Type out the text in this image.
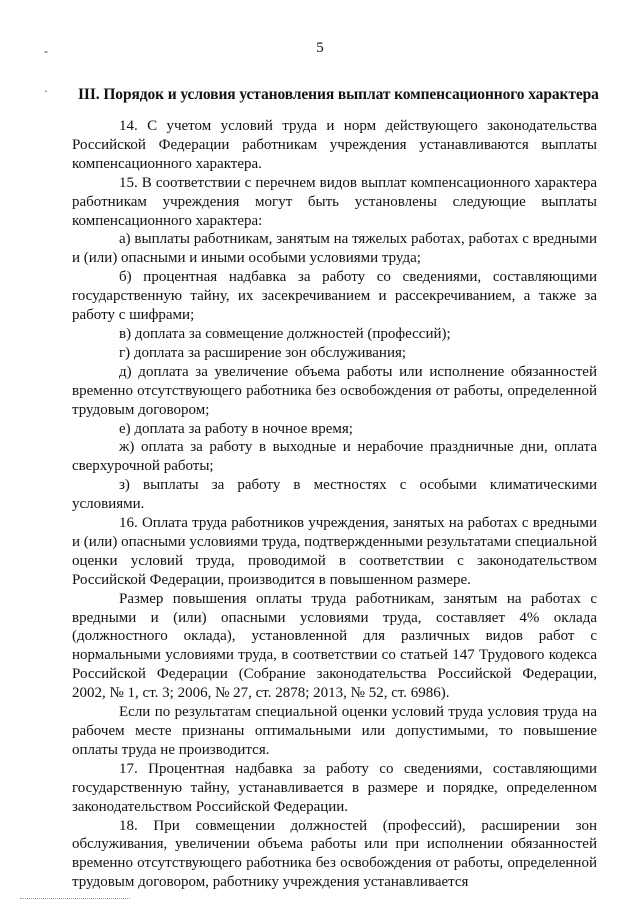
5
-
· III. Порядок и условия установления выплат компенсационного характера

14. С учетом условий труда и норм действующего законодательства Российской Федерации работникам учреждения устанавливаются выплаты компенсационного характера.

15. В соответствии с перечнем видов выплат компенсационного характера работникам учреждения могут быть установлены следующие выплаты компенсационного характера:

а) выплаты работникам, занятым на тяжелых работах, работах с вредными и (или) опасными и иными особыми условиями труда;

б) процентная надбавка за работу со сведениями, составляющими государственную тайну, их засекречиванием и рассекречиванием, а также за работу с шифрами;

в) доплата за совмещение должностей (профессий);

г) доплата за расширение зон обслуживания;

д) доплата за увеличение объема работы или исполнение обязанностей временно отсутствующего работника без освобождения от работы, определенной трудовым договором;

е) доплата за работу в ночное время;

ж) оплата за работу в выходные и нерабочие праздничные дни, оплата сверхурочной работы;

з) выплаты за работу в местностях с особыми климатическими условиями.

16. Оплата труда работников учреждения, занятых на работах с вредными и (или) опасными условиями труда, подтвержденными результатами специальной оценки условий труда, проводимой в соответствии с законодательством Российской Федерации, производится в повышенном размере.

Размер повышения оплаты труда работникам, занятым на работах с вредными и (или) опасными условиями труда, составляет 4% оклада (должностного оклада), установленной для различных видов работ с нормальными условиями труда, в соответствии со статьей 147 Трудового кодекса Российской Федерации (Собрание законодательства Российской Федерации, 2002, № 1, ст. 3; 2006, № 27, ст. 2878; 2013, № 52, ст. 6986).

Если по результатам специальной оценки условий труда условия труда на рабочем месте признаны оптимальными или допустимыми, то повышение оплаты труда не производится.

17. Процентная надбавка за работу со сведениями, составляющими государственную тайну, устанавливается в размере и порядке, определенном законодательством Российской Федерации.

18. При совмещении должностей (профессий), расширении зон обслуживания, увеличении объема работы или при исполнении обязанностей временно отсутствующего работника без освобождения от работы, определенной трудовым договором, работнику учреждения устанавливается
